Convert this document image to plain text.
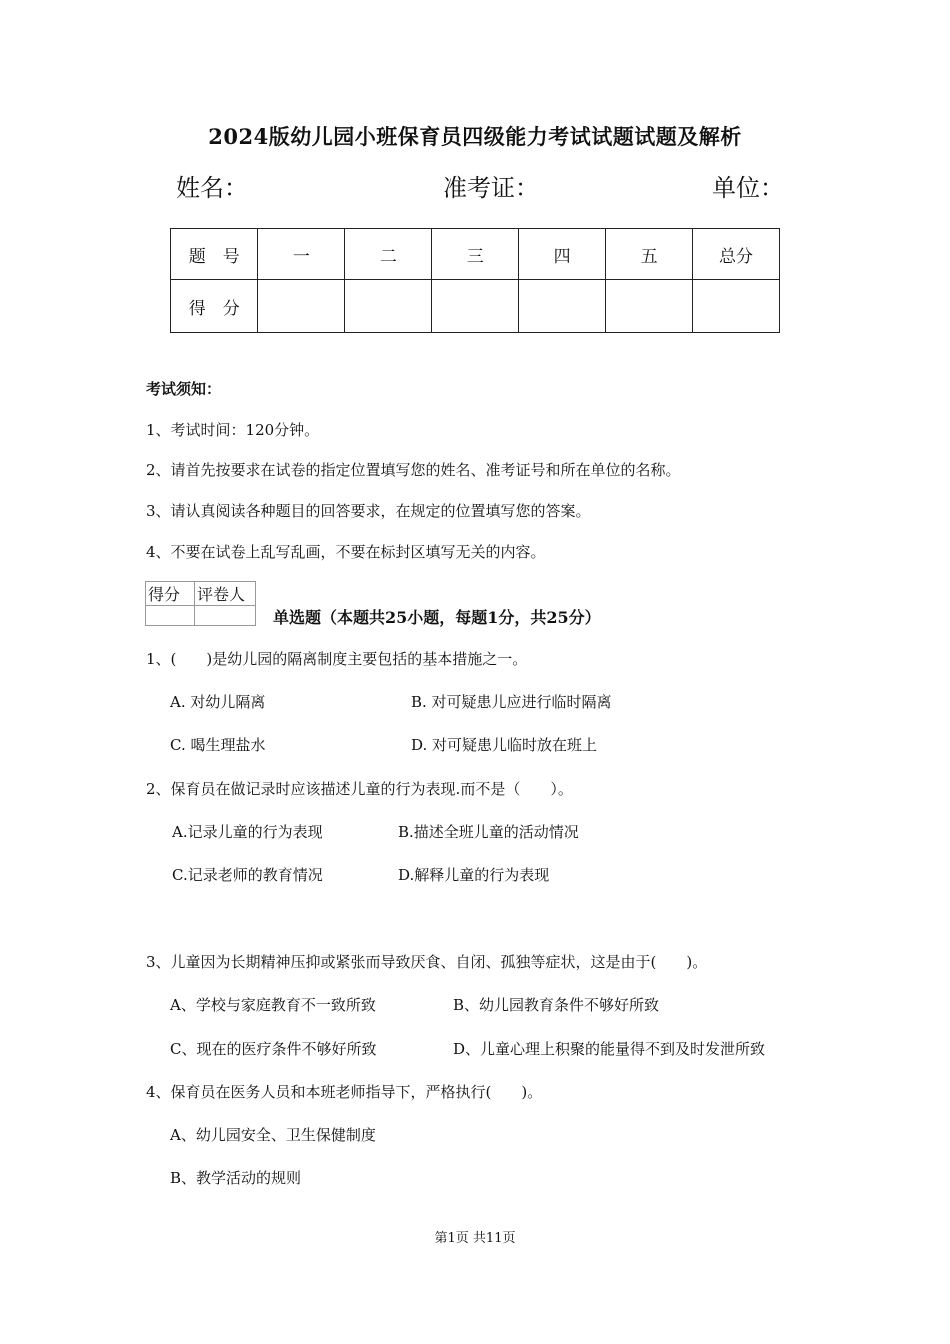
2024版幼儿园小班保育员四级能力考试试题试题及解析
姓名：	准考证：	单位：
题　号	一	二	三	四	五	总分
得　分						
考试须知：
1、考试时间：120分钟。
2、请首先按要求在试卷的指定位置填写您的姓名、准考证号和所在单位的名称。
3、请认真阅读各种题目的回答要求，在规定的位置填写您的答案。
4、不要在试卷上乱写乱画，不要在标封区填写无关的内容。
得分	评卷人

单选题（本题共25小题，每题1分，共25分）
1、(　　)是幼儿园的隔离制度主要包括的基本措施之一。
A. 对幼儿隔离	B. 对可疑患儿应进行临时隔离
C. 喝生理盐水	D. 对可疑患儿临时放在班上
2、保育员在做记录时应该描述儿童的行为表现.而不是（　　）。
A.记录儿童的行为表现	B.描述全班儿童的活动情况
C.记录老师的教育情况	D.解释儿童的行为表现
3、儿童因为长期精神压抑或紧张而导致厌食、自闭、孤独等症状，这是由于(　　)。
A、学校与家庭教育不一致所致	B、幼儿园教育条件不够好所致
C、现在的医疗条件不够好所致	D、儿童心理上积聚的能量得不到及时发泄所致
4、保育员在医务人员和本班老师指导下，严格执行(　　)。
A、幼儿园安全、卫生保健制度
B、教学活动的规则
第1页 共11页
